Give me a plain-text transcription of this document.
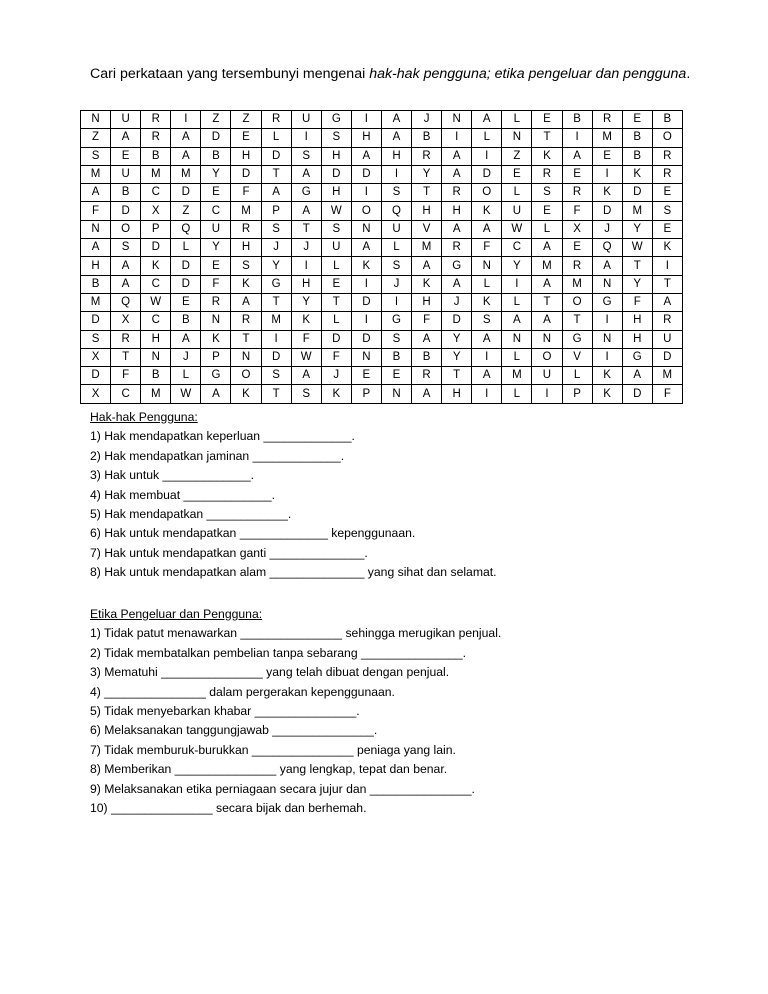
Cari perkataan yang tersembunyi mengenai hak-hak pengguna; etika pengeluar dan pengguna.
N	U	R	I	Z	Z	R	U	G	I	A	J	N	A	L	E	B	R	E	B
Z	A	R	A	D	E	L	I	S	H	A	B	I	L	N	T	I	M	B	O
S	E	B	A	B	H	D	S	H	A	H	R	A	I	Z	K	A	E	B	R
M	U	M	M	Y	D	T	A	D	D	I	Y	A	D	E	R	E	I	K	R
A	B	C	D	E	F	A	G	H	I	S	T	R	O	L	S	R	K	D	E
F	D	X	Z	C	M	P	A	W	O	Q	H	H	K	U	E	F	D	M	S
N	O	P	Q	U	R	S	T	S	N	U	V	A	A	W	L	X	J	Y	E
A	S	D	L	Y	H	J	J	U	A	L	M	R	F	C	A	E	Q	W	K
H	A	K	D	E	S	Y	I	L	K	S	A	G	N	Y	M	R	A	T	I
B	A	C	D	F	K	G	H	E	I	J	K	A	L	I	A	M	N	Y	T
M	Q	W	E	R	A	T	Y	T	D	I	H	J	K	L	T	O	G	F	A
D	X	C	B	N	R	M	K	L	I	G	F	D	S	A	A	T	I	H	R
S	R	H	A	K	T	I	F	D	D	S	A	Y	A	N	N	G	N	H	U
X	T	N	J	P	N	D	W	F	N	B	B	Y	I	L	O	V	I	G	D
D	F	B	L	G	O	S	A	J	E	E	R	T	A	M	U	L	K	A	M
X	C	M	W	A	K	T	S	K	P	N	A	H	I	L	I	P	K	D	F
Hak-hak Pengguna:
1) Hak mendapatkan keperluan _____________.
2) Hak mendapatkan jaminan _____________.
3) Hak untuk _____________.
4) Hak membuat _____________.
5) Hak mendapatkan ____________.
6) Hak untuk mendapatkan _____________ kepenggunaan.
7) Hak untuk mendapatkan ganti ______________.
8) Hak untuk mendapatkan alam ______________ yang sihat dan selamat.
Etika Pengeluar dan Pengguna:
1) Tidak patut menawarkan _______________ sehingga merugikan penjual.
2) Tidak membatalkan pembelian tanpa sebarang _______________.
3) Mematuhi _______________ yang telah dibuat dengan penjual.
4) _______________ dalam pergerakan kepenggunaan.
5) Tidak menyebarkan khabar _______________.
6) Melaksanakan tanggungjawab _______________.
7) Tidak memburuk-burukkan _______________ peniaga yang lain.
8) Memberikan _______________ yang lengkap, tepat dan benar.
9) Melaksanakan etika perniagaan secara jujur dan _______________.
10) _______________ secara bijak dan berhemah.
